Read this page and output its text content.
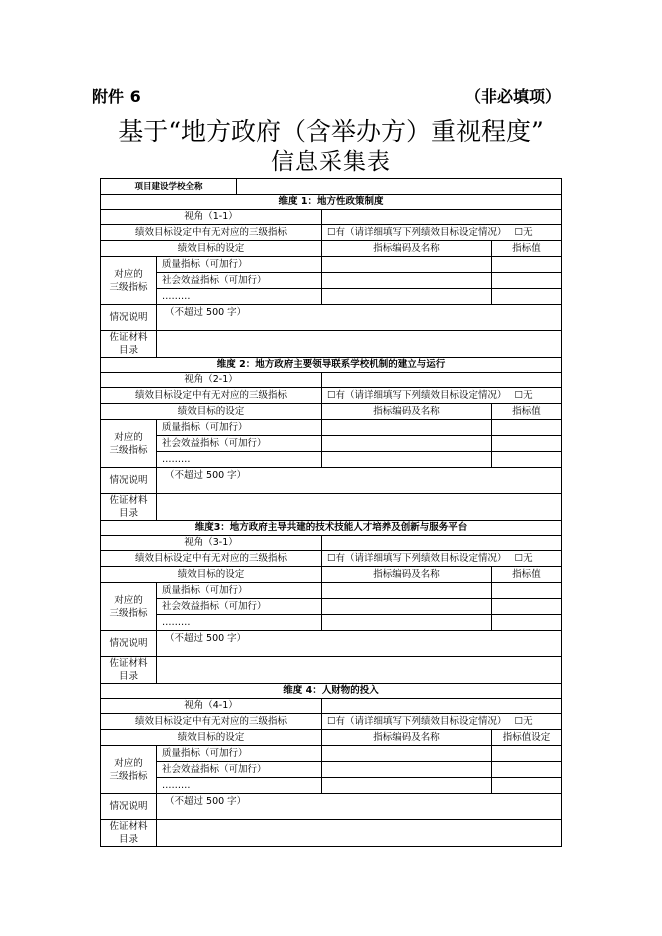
附件 6	（非必填项）
基于“地方政府（含举办方）重视程度”
信息采集表
项目建设学校全称				
维度 1：地方性政策制度				
视角（1-1）				
绩效目标设定中有无对应的三级指标			☐有（请详细填写下列绩效目标设定情况） ☐无	
绩效目标的设定			指标编码及名称	指标值

对应的
三级指标	质量指标（可加行）			
	社会效益指标（可加行）			
	………			
情况说明	（不超过 500 字）			

佐证材料
目录				

维度 2：地方政府主要领导联系学校机制的建立与运行				
视角（2-1）				
绩效目标设定中有无对应的三级指标			☐有（请详细填写下列绩效目标设定情况） ☐无	
绩效目标的设定			指标编码及名称	指标值

对应的
三级指标	质量指标（可加行）			
	社会效益指标（可加行）			
	………			
情况说明	（不超过 500 字）			

佐证材料
目录				

维度3：地方政府主导共建的技术技能人才培养及创新与服务平台				
视角（3-1）				
绩效目标设定中有无对应的三级指标			☐有（请详细填写下列绩效目标设定情况） ☐无	
绩效目标的设定			指标编码及名称	指标值

对应的
三级指标	质量指标（可加行）			
	社会效益指标（可加行）			
	………			
情况说明	（不超过 500 字）			

佐证材料
目录				

维度 4：人财物的投入				
视角（4-1）				
绩效目标设定中有无对应的三级指标			☐有（请详细填写下列绩效目标设定情况） ☐无	
绩效目标的设定			指标编码及名称	指标值设定

对应的
三级指标	质量指标（可加行）			
	社会效益指标（可加行）			
	………			
情况说明	（不超过 500 字）			

佐证材料
目录				
